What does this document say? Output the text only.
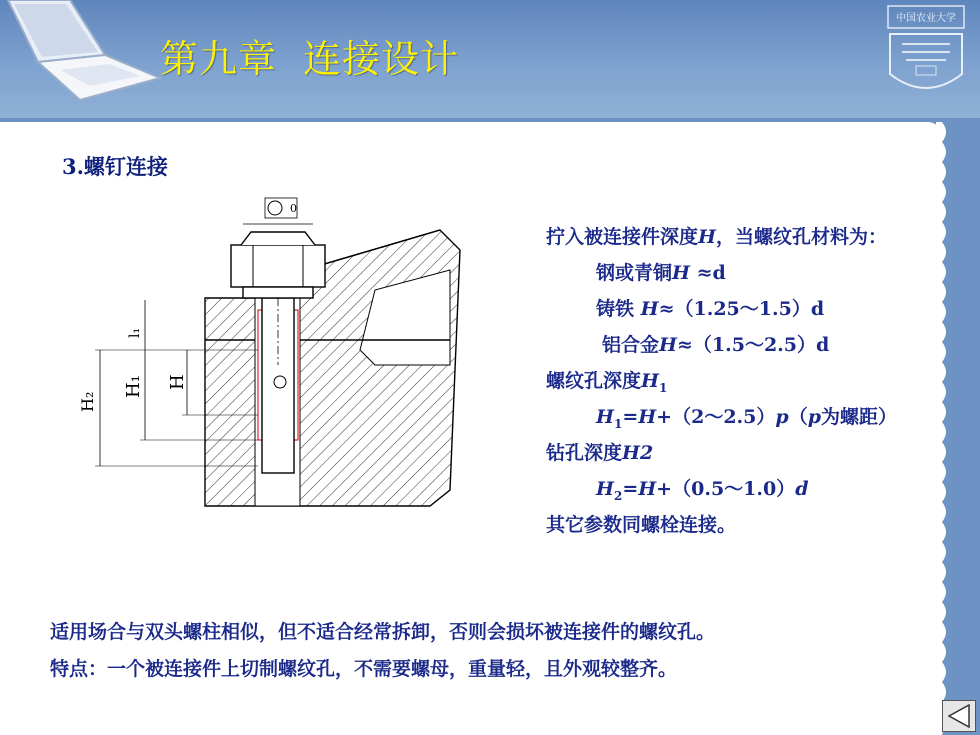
第九章  连接设计
中国农业大学
3.螺钉连接
0
H₂
H₁ H
l₁
拧入被连接件深度H，当螺纹孔材料为：
钢或青铜H ≈d
铸铁 H≈（1.25～1.5）d
铝合金H≈（1.5～2.5）d
螺纹孔深度$H_1$
$H_1=H+(2\sim 2.5)p(p$为螺距）
钻孔深度H2
$H_2=H+(0.5\sim 1.0)d$
其它参数同螺栓连接。
适用场合与双头螺柱相似，但不适合经常拆卸，否则会损坏被连接件的螺纹孔。
特点：一个被连接件上切制螺纹孔，不需要螺母，重量轻，且外观较整齐。
